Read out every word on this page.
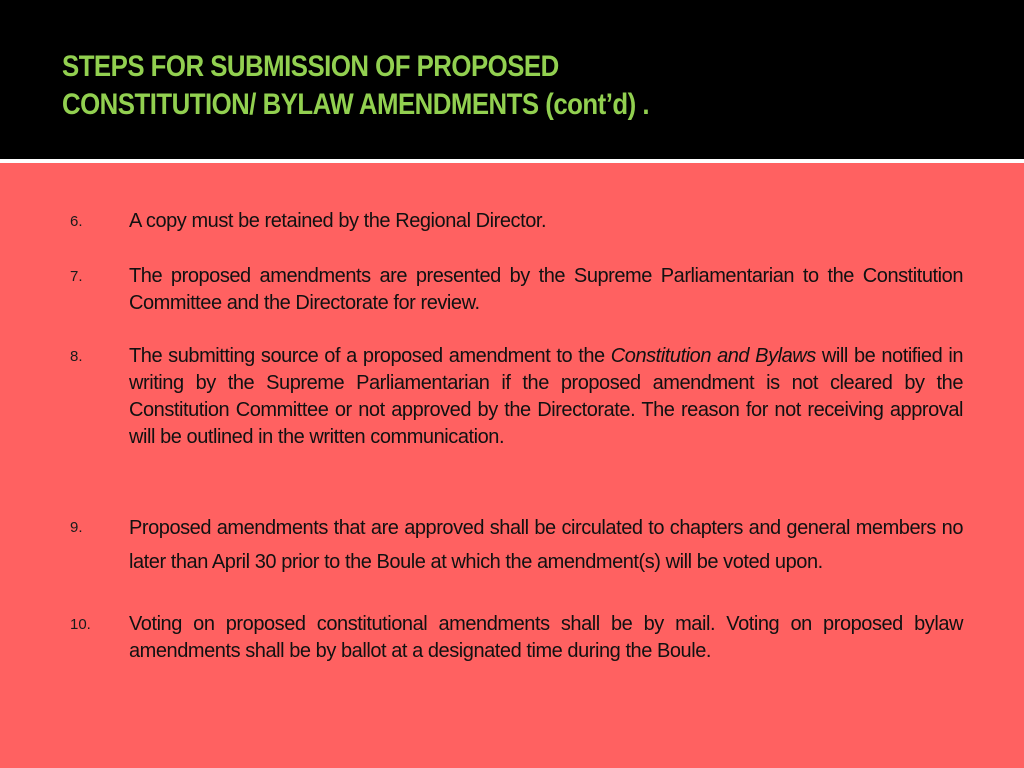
STEPS FOR SUBMISSION OF PROPOSED
CONSTITUTION/ BYLAW AMENDMENTS (cont’d) .
6. A copy must be retained by the Regional Director.
7. The proposed amendments are presented by the Supreme Parliamentarian to the Constitution Committee and the Directorate for review.
8. The submitting source of a proposed amendment to the Constitution and Bylaws will be notified in writing by the Supreme Parliamentarian if the proposed amendment is not cleared by the Constitution Committee or not approved by the Directorate. The reason for not receiving approval will be outlined in the written communication.
9. Proposed amendments that are approved shall be circulated to chapters and general members no later than April 30 prior to the Boule at which the amendment(s) will be voted upon.
10. Voting on proposed constitutional amendments shall be by mail. Voting on proposed bylaw amendments shall be by ballot at a designated time during the Boule.
